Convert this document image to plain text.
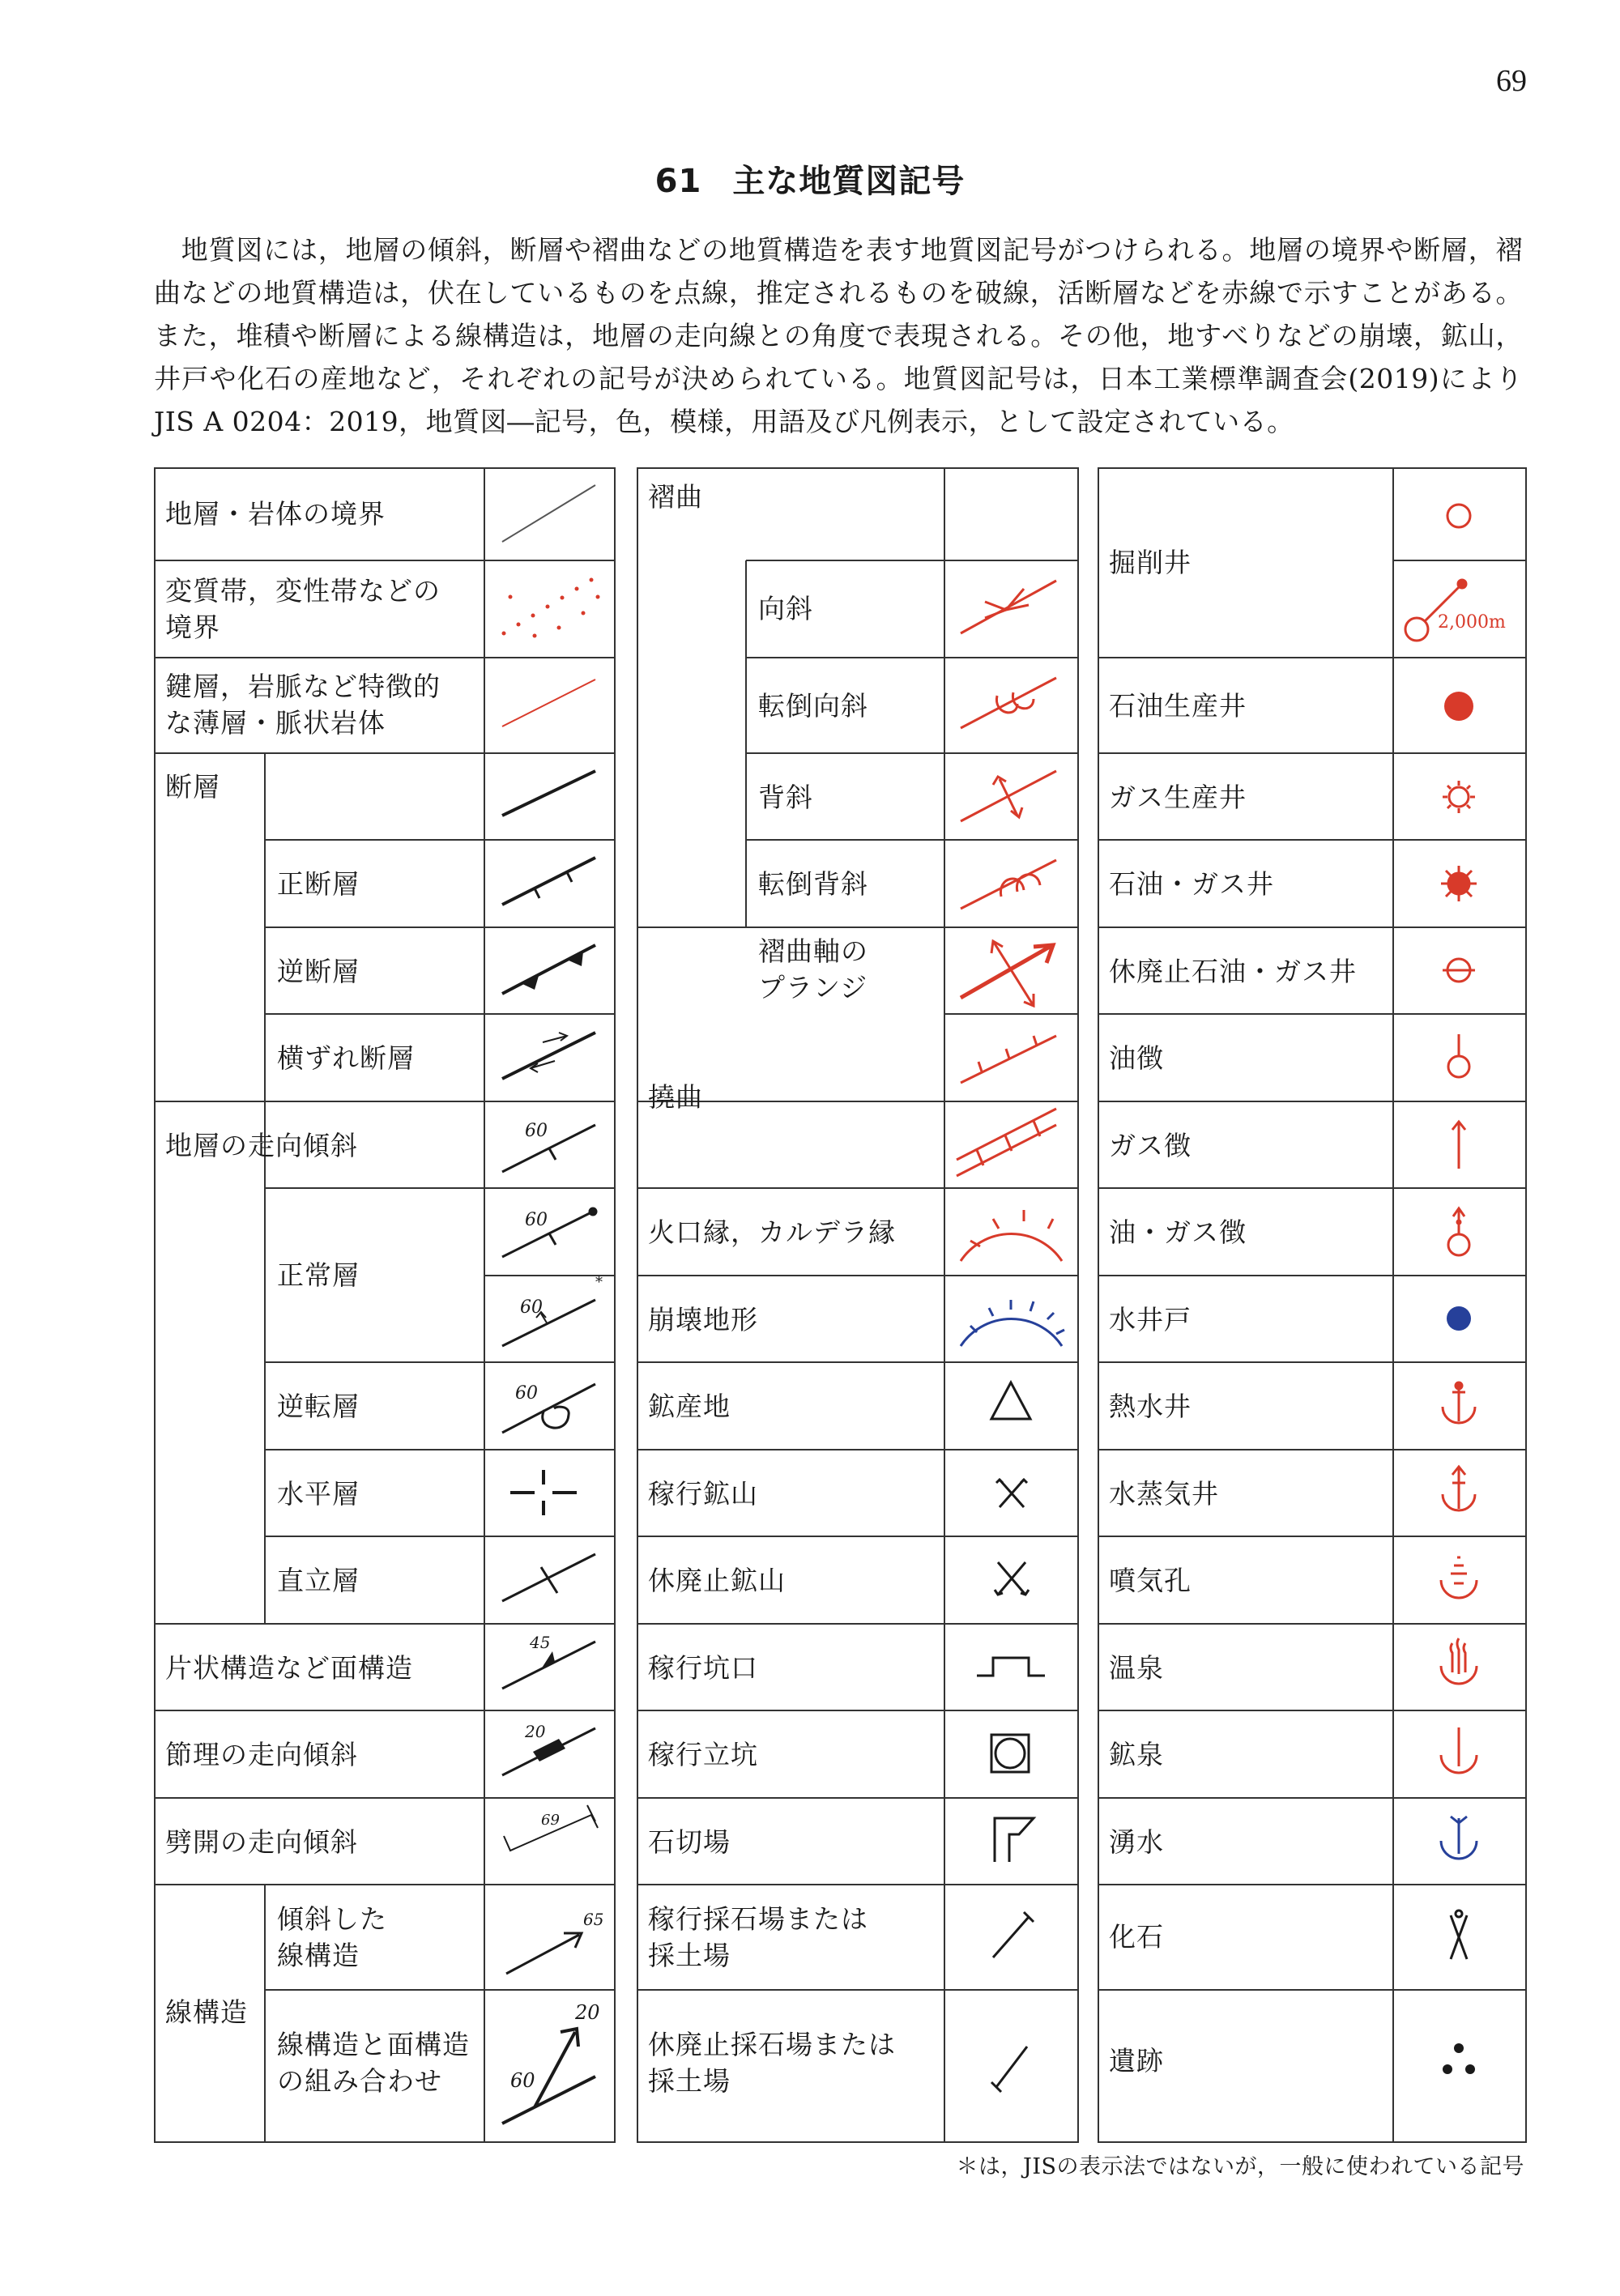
69
61 主な地質図記号

　地質図には，地層の傾斜，断層や褶曲などの地質構造を表す地質図記号がつけられる。地層の境界や断層，褶曲などの地質構造は，伏在しているものを点線，推定されるものを破線，活断層などを赤線で示すことがある。また，堆積や断層による線構造は，地層の走向線との角度で表現される。その他，地すべりなどの崩壊，鉱山，井戸や化石の産地など，それぞれの記号が決められている。地質図記号は，日本工業標準調査会(2019)によりJIS A 0204：2019，地質図―記号，色，模様，用語及び凡例表示，として設定されている。

60
60
60
*
60
45
20
69
65
20
60
地層・岩体の境界
変質帯，変性帯などの
境界
鍵層，岩脈など特徴的
な薄層・脈状岩体
断層
正断層
逆断層
横ずれ断層
地層の走向傾斜
正常層
逆転層
水平層
直立層
片状構造など面構造
節理の走向傾斜
劈開の走向傾斜
線構造
傾斜した
線構造
線構造と面構造
の組み合わせ
褶曲
向斜
転倒向斜
背斜
転倒背斜
褶曲軸の
プランジ
撓曲
火口縁，カルデラ縁
崩壊地形
鉱産地
稼行鉱山
休廃止鉱山
稼行坑口
稼行立坑
石切場
稼行採石場または
採土場
休廃止採石場または
採土場
2,000m
掘削井
石油生産井
ガス生産井
石油・ガス井
休廃止石油・ガス井
油徴
ガス徴
油・ガス徴
水井戸
熱水井
水蒸気井
噴気孔
温泉
鉱泉
湧水
化石
遺跡
＊は，JISの表示法ではないが，一般に使われている記号
